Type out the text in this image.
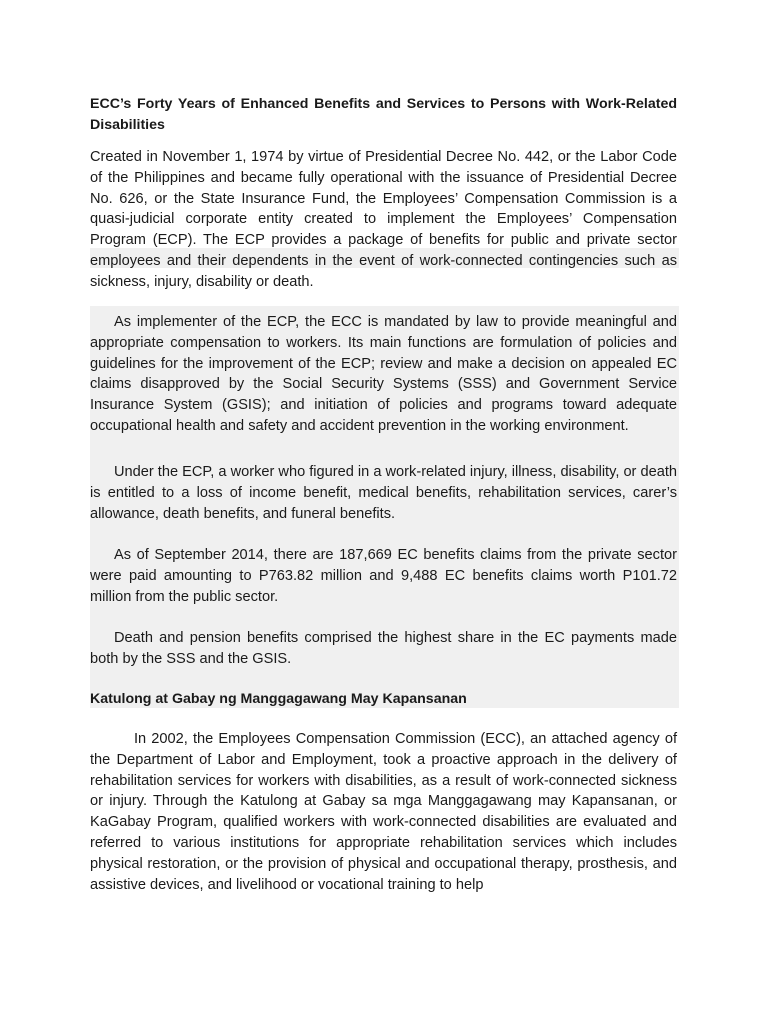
ECC’s Forty Years of Enhanced Benefits and Services to Persons with Work-Related Disabilities

Created in November 1, 1974 by virtue of Presidential Decree No. 442, or the Labor Code of the Philippines and became fully operational with the issuance of Presidential Decree No. 626, or the State Insurance Fund, the Employees’ Compensation Commission is a quasi-judicial corporate entity created to implement the Employees’ Compensation Program (ECP). The ECP provides a package of benefits for public and private sector employees and their dependents in the event of work-connected contingencies such as sickness, injury, disability or death.

As implementer of the ECP, the ECC is mandated by law to provide meaningful and appropriate compensation to workers. Its main functions are formulation of policies and guidelines for the improvement of the ECP; review and make a decision on appealed EC claims disapproved by the Social Security Systems (SSS) and Government Service Insurance System (GSIS); and initiation of policies and programs toward adequate occupational health and safety and accident prevention in the working environment.

Under the ECP, a worker who figured in a work-related injury, illness, disability, or death is entitled to a loss of income benefit, medical benefits, rehabilitation services, carer’s allowance, death benefits, and funeral benefits.

As of September 2014, there are 187,669 EC benefits claims from the private sector were paid amounting to P763.82 million and 9,488 EC benefits claims worth P101.72 million from the public sector.

Death and pension benefits comprised the highest share in the EC payments made both by the SSS and the GSIS.

Katulong at Gabay ng Manggagawang May Kapansanan

In 2002, the Employees Compensation Commission (ECC), an attached agency of the Department of Labor and Employment, took a proactive approach in the delivery of rehabilitation services for workers with disabilities, as a result of work-connected sickness or injury. Through the Katulong at Gabay sa mga Manggagawang may Kapansanan, or KaGabay Program, qualified workers with work-connected disabilities are evaluated and referred to various institutions for appropriate rehabilitation services which includes physical restoration, or the provision of physical and occupational therapy, prosthesis, and assistive devices, and livelihood or vocational training to help
